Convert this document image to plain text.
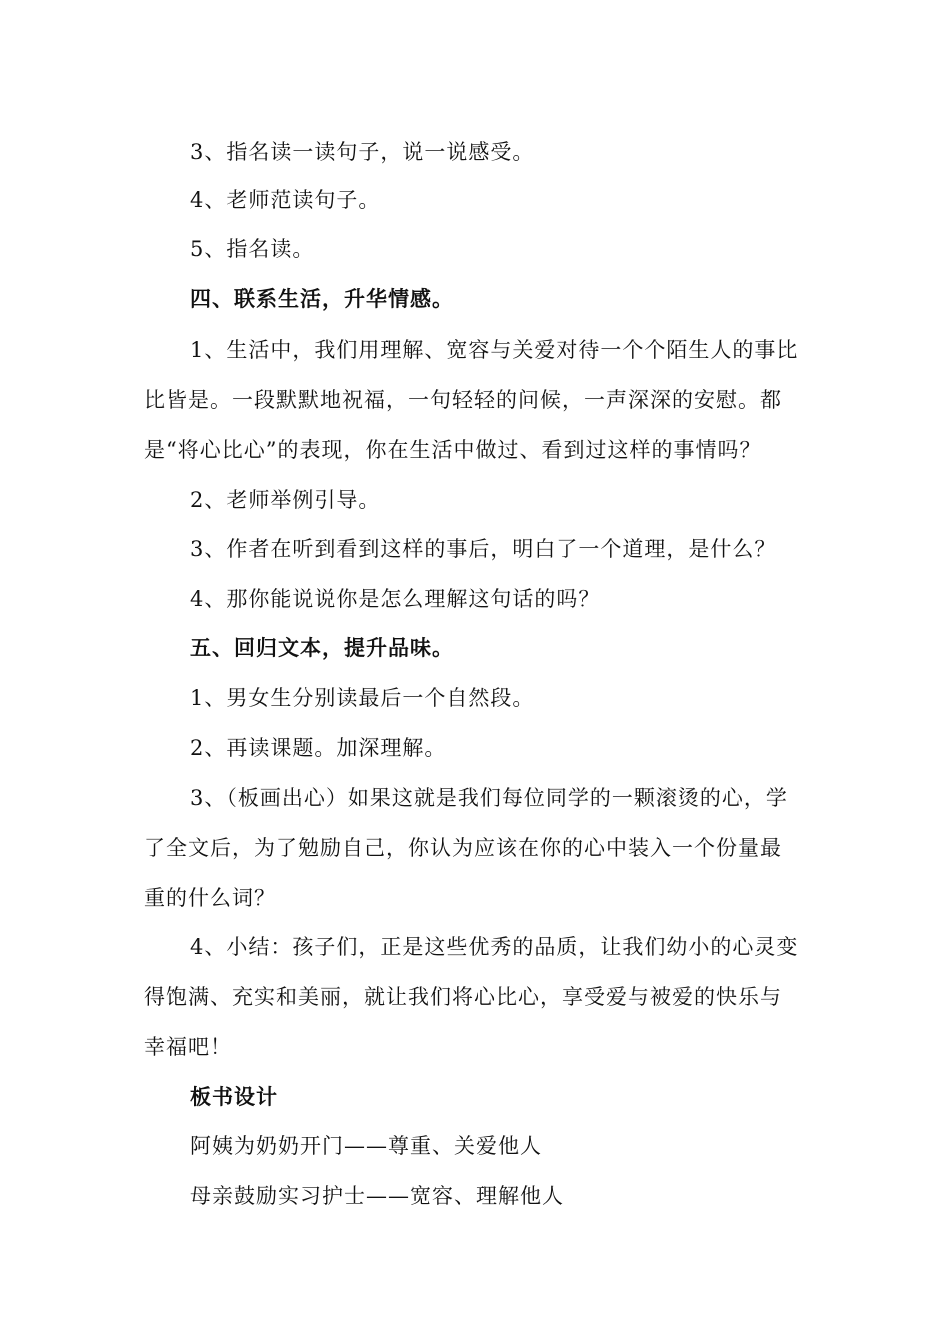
3、指名读一读句子，说一说感受。
4、老师范读句子。
5、指名读。
四、联系生活，升华情感。
1、生活中，我们用理解、宽容与关爱对待一个个陌生人的事比
比皆是。一段默默地祝福，一句轻轻的问候，一声深深的安慰。都
是“将心比心”的表现，你在生活中做过、看到过这样的事情吗？
2、老师举例引导。
3、作者在听到看到这样的事后，明白了一个道理，是什么？
4、那你能说说你是怎么理解这句话的吗？
五、回归文本，提升品味。
1、男女生分别读最后一个自然段。
2、再读课题。加深理解。
3、（板画出心）如果这就是我们每位同学的一颗滚烫的心，学
了全文后，为了勉励自己，你认为应该在你的心中装入一个份量最
重的什么词？
4、小结：孩子们，正是这些优秀的品质，让我们幼小的心灵变
得饱满、充实和美丽，就让我们将心比心，享受爱与被爱的快乐与
幸福吧！
板书设计
阿姨为奶奶开门——尊重、关爱他人
母亲鼓励实习护士——宽容、理解他人
